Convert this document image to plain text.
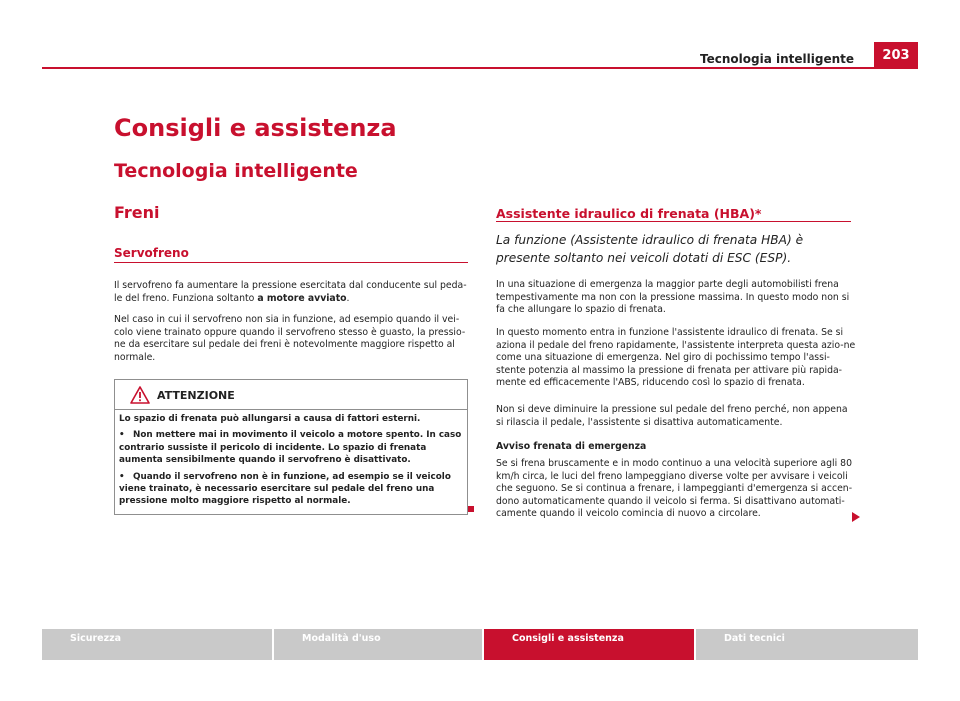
Tecnologia intelligente	203
Consigli e assistenza
Tecnologia intelligente
Freni
Servofreno

Il servofreno fa aumentare la pressione esercitata dal conducente sul peda-le del freno. Funziona soltanto a motore avviato.

Nel caso in cui il servofreno non sia in funzione, ad esempio quando il vei-colo viene trainato oppure quando il servofreno stesso è guasto, la pressio-ne da esercitare sul pedale dei freni è notevolmente maggiore rispetto al normale.

ATTENZIONE

Lo spazio di frenata può allungarsi a causa di fattori esterni.

• Non mettere mai in movimento il veicolo a motore spento. In caso contrario sussiste il pericolo di incidente. Lo spazio di frenata aumenta sensibilmente quando il servofreno è disattivato.

• Quando il servofreno non è in funzione, ad esempio se il veicolo viene trainato, è necessario esercitare sul pedale del freno una pressione molto maggiore rispetto al normale.

Assistente idraulico di frenata (HBA)*
La funzione (Assistente idraulico di frenata HBA) è presente soltanto nei veicoli dotati di ESC (ESP).

In una situazione di emergenza la maggior parte degli automobilisti frena tempestivamente ma non con la pressione massima. In questo modo non si fa che allungare lo spazio di frenata.

In questo momento entra in funzione l'assistente idraulico di frenata. Se si aziona il pedale del freno rapidamente, l'assistente interpreta questa azio-ne come una situazione di emergenza. Nel giro di pochissimo tempo l'assi-stente potenzia al massimo la pressione di frenata per attivare più rapida-mente ed efficacemente l'ABS, riducendo così lo spazio di frenata.

Non si deve diminuire la pressione sul pedale del freno perché, non appena si rilascia il pedale, l'assistente si disattiva automaticamente.

Avviso frenata di emergenza

Se si frena bruscamente e in modo continuo a una velocità superiore agli 80 km/h circa, le luci del freno lampeggiano diverse volte per avvisare i veicoli che seguono. Se si continua a frenare, i lampeggianti d'emergenza si accen-dono automaticamente quando il veicolo si ferma. Si disattivano automati-camente quando il veicolo comincia di nuovo a circolare.

Sicurezza	Modalità d'uso	Consigli e assistenza	Dati tecnici
